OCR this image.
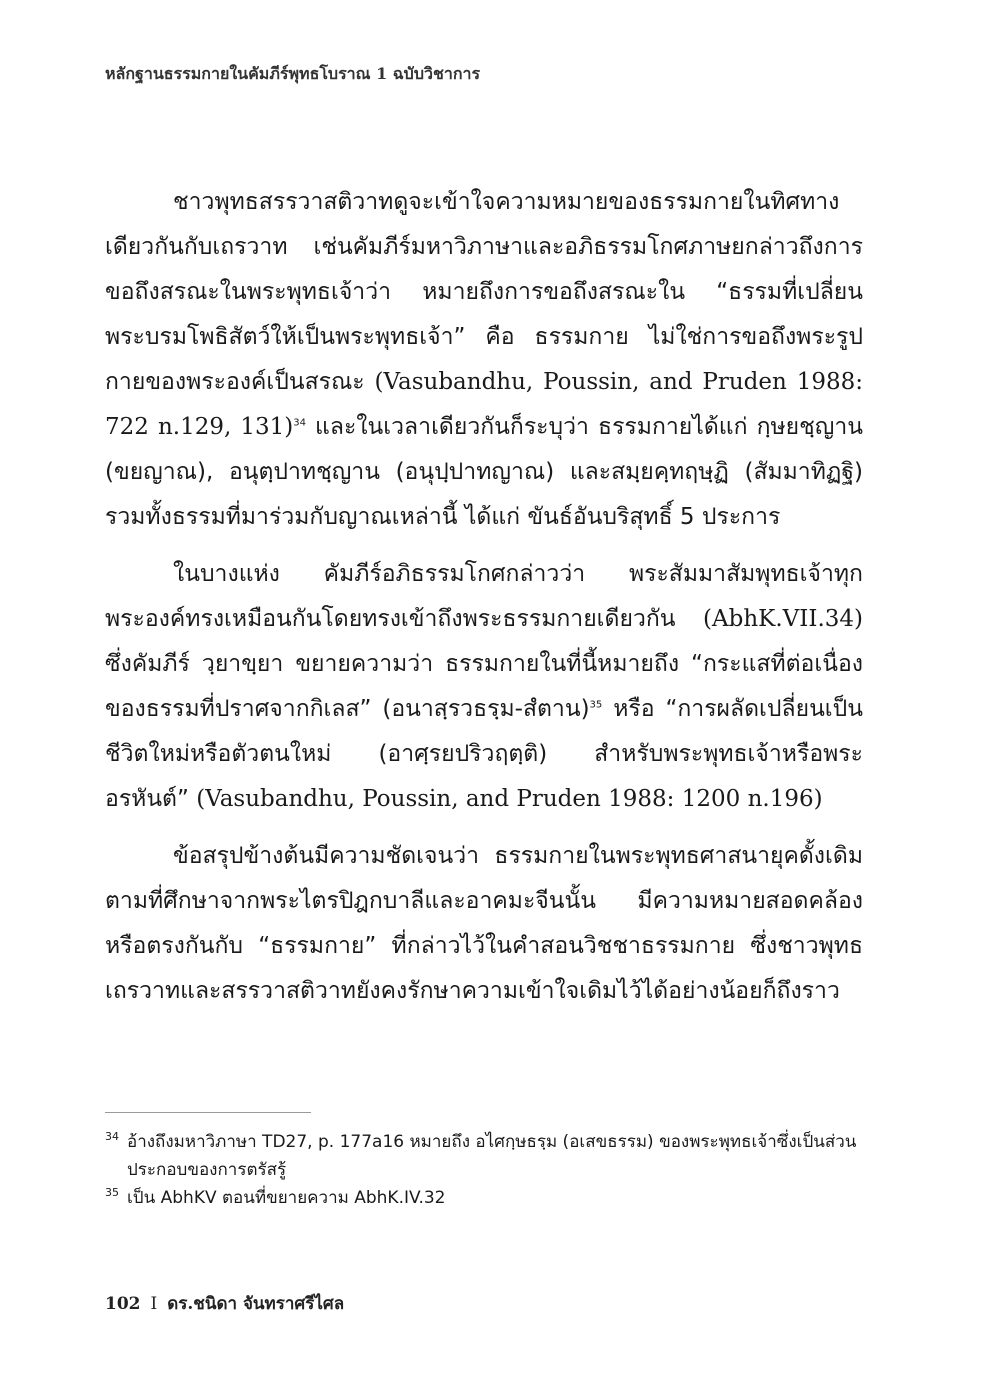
หลักฐานธรรมกายในคัมภีร์พุทธโบราณ 1 ฉบับวิชาการ

ชาวพุทธสรรวาสติวาทดูจะเข้าใจความหมายของธรรมกายในทิศทางเดียวกันกับเถรวาท เช่นคัมภีร์มหาวิภาษาและอภิธรรมโกศภาษยกล่าวถึงการขอถึงสรณะในพระพุทธเจ้าว่า หมายถึงการขอถึงสรณะใน “ธรรมที่เปลี่ยนพระบรมโพธิสัตว์ให้เป็นพระพุทธเจ้า” คือ ธรรมกาย ไม่ใช่การขอถึงพระรูปกายของพระองค์เป็นสรณะ (Vasubandhu, Poussin, and Pruden 1988: 722 n.129, 131)$^{34}$ และในเวลาเดียวกันก็ระบุว่า ธรรมกายได้แก่ กฺษยชฺญาน (ขยญาณ), อนุตฺปาทชฺญาน (อนุปฺปาทญาณ) และสมฺยคฺทฤษฺฏิ (สัมมาทิฏฐิ) รวมทั้งธรรมที่มาร่วมกับญาณเหล่านี้ ได้แก่ ขันธ์อันบริสุทธิ์ 5 ประการ

ในบางแห่ง คัมภีร์อภิธรรมโกศกล่าวว่า พระสัมมาสัมพุทธเจ้าทุกพระองค์ทรงเหมือนกันโดยทรงเข้าถึงพระธรรมกายเดียวกัน (AbhK.VII.34) ซึ่งคัมภีร์ วฺยาขฺยา ขยายความว่า ธรรมกายในที่นี้หมายถึง “กระแสที่ต่อเนื่องของธรรมที่ปราศจากกิเลส” (อนาสฺรวธรฺม-สํตาน)$^{35}$ หรือ “การผลัดเปลี่ยนเป็นชีวิตใหม่หรือตัวตนใหม่ (อาศฺรยปริวฤตฺติ) สำหรับพระพุทธเจ้าหรือพระอรหันต์” (Vasubandhu, Poussin, and Pruden 1988: 1200 n.196)

ข้อสรุปข้างต้นมีความชัดเจนว่า ธรรมกายในพระพุทธศาสนายุคดั้งเดิมตามที่ศึกษาจากพระไตรปิฎกบาลีและอาคมะจีนนั้น มีความหมายสอดคล้องหรือตรงกันกับ “ธรรมกาย” ที่กล่าวไว้ในคำสอนวิชชาธรรมกาย ซึ่งชาวพุทธเถรวาทและสรรวาสติวาทยังคงรักษาความเข้าใจเดิมไว้ได้อย่างน้อยก็ถึงราว

34 อ้างถึงมหาวิภาษา TD27, p. 177a16 หมายถึง อไศกฺษธรฺม (อเสขธรรม) ของพระพุทธเจ้าซึ่งเป็นส่วนประกอบของการตรัสรู้
35 เป็น AbhKV ตอนที่ขยายความ AbhK.IV.32
102 I ดร.ชนิดา จันทราศรีไศล
